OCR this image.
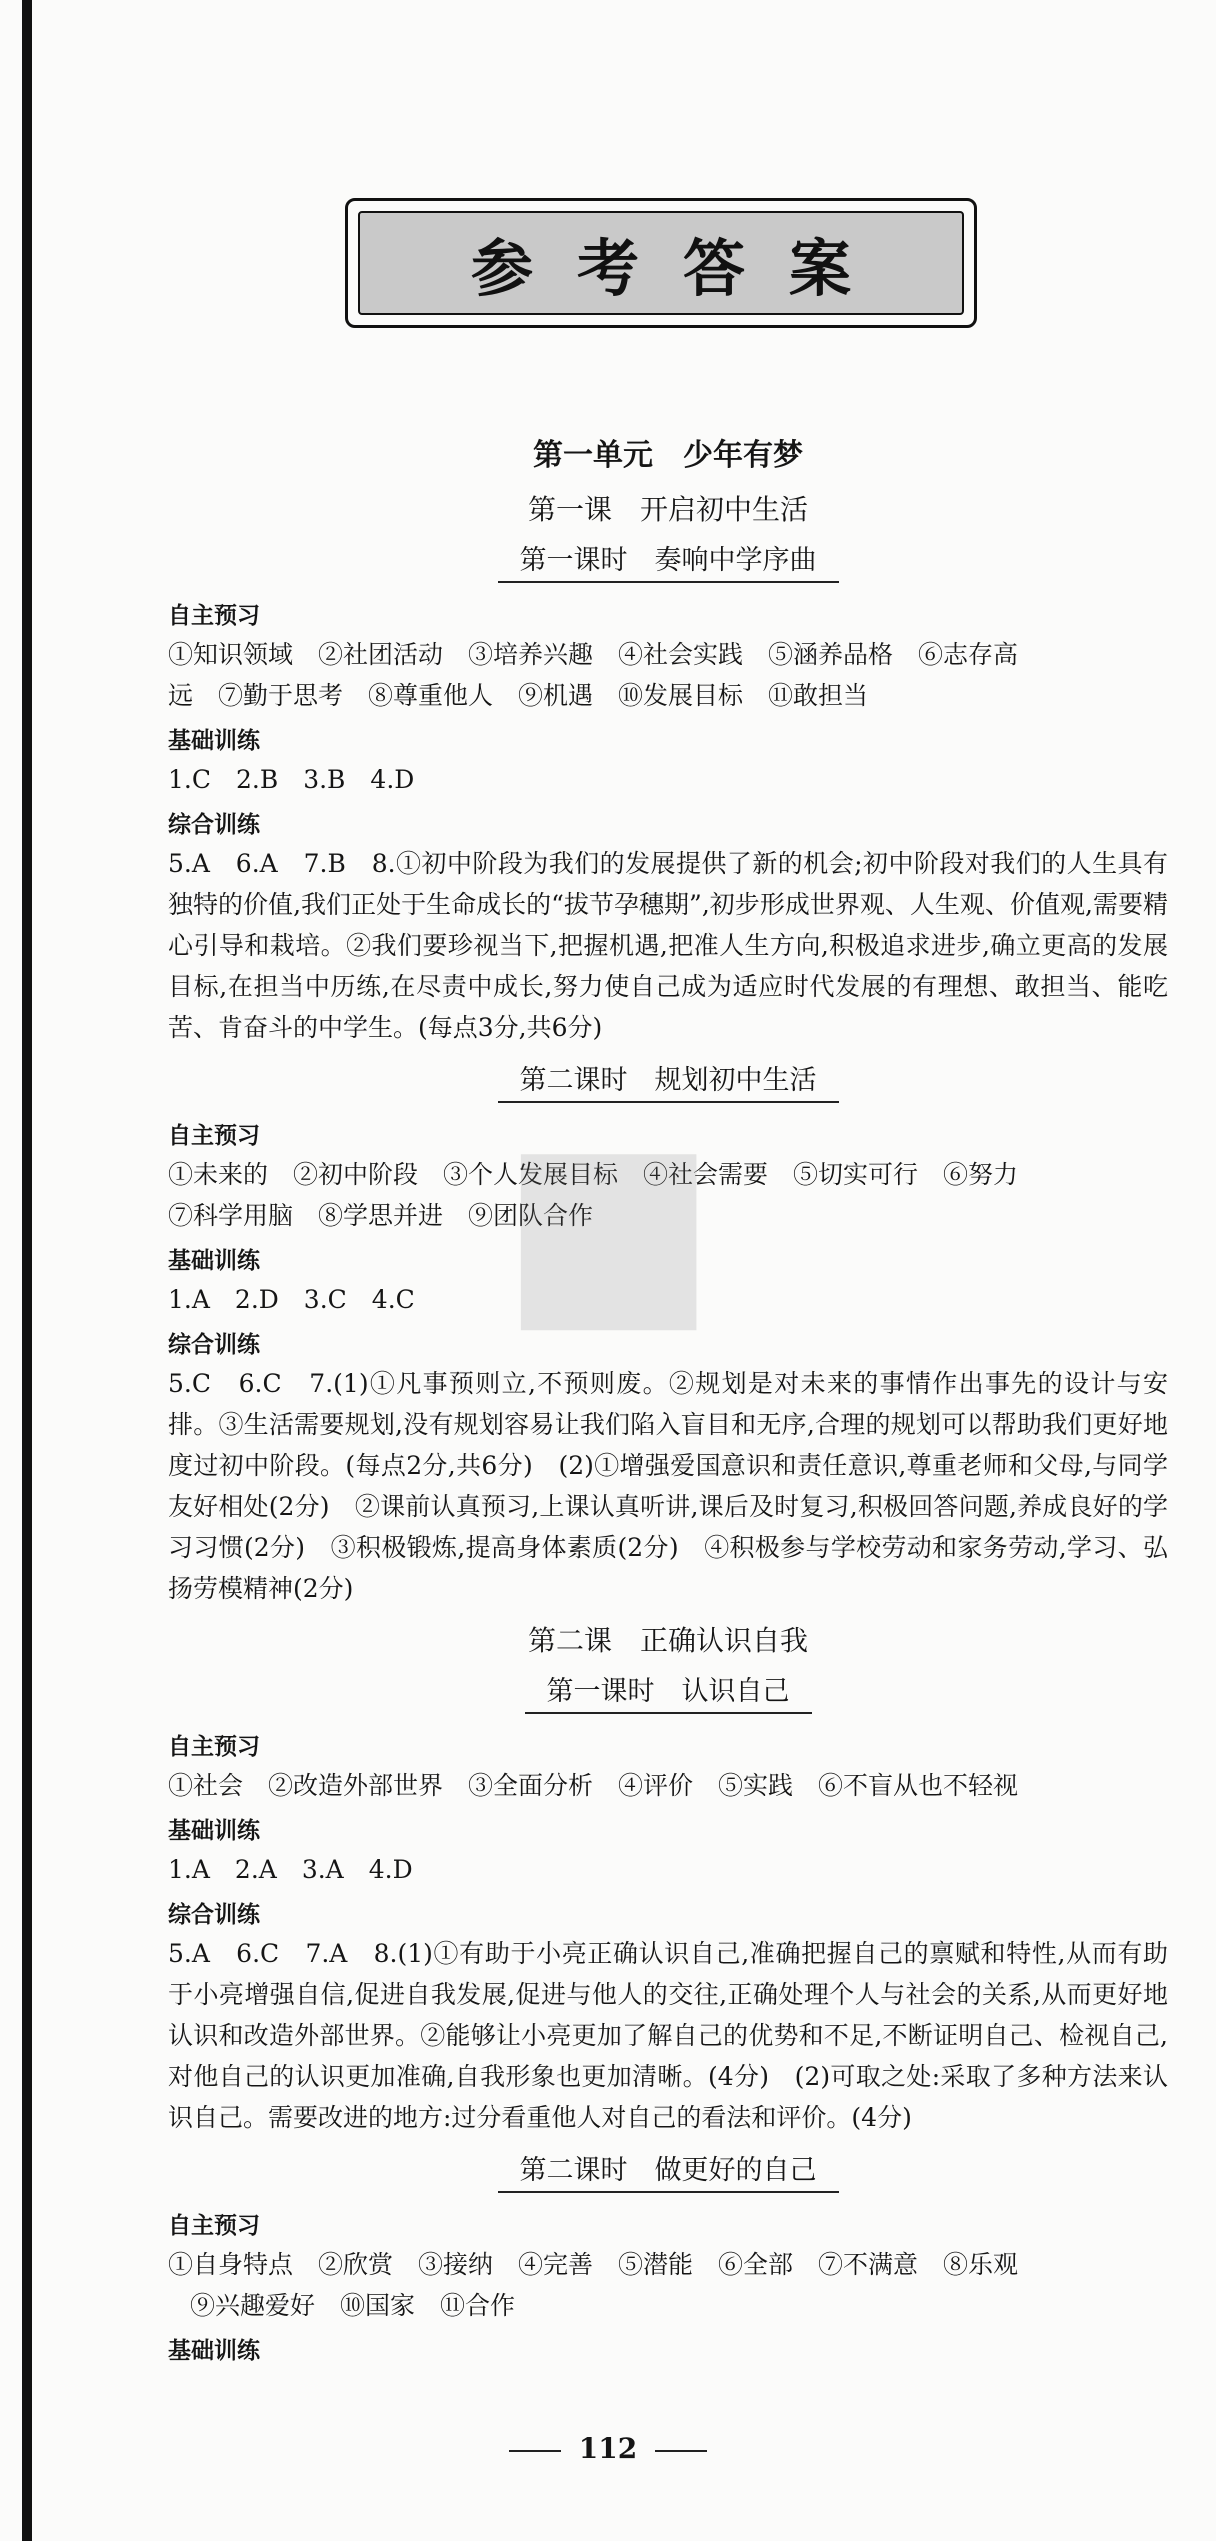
参考答案
第一单元　少年有梦
第一课　开启初中生活
第一课时　奏响中学序曲
自主预习

①知识领域　②社团活动　③培养兴趣　④社会实践　⑤涵养品格　⑥志存高

远　⑦勤于思考　⑧尊重他人　⑨机遇　⑩发展目标　⑪敢担当

基础训练

1.C　2.B　3.B　4.D

综合训练

5.A　6.A　7.B　8.①初中阶段为我们的发展提供了新的机会;初中阶段对我们的人生具有独特的价值,我们正处于生命成长的“拔节孕穗期”,初步形成世界观、人生观、价值观,需要精心引导和栽培。②我们要珍视当下,把握机遇,把准人生方向,积极追求进步,确立更高的发展目标,在担当中历练,在尽责中成长,努力使自己成为适应时代发展的有理想、敢担当、能吃苦、肯奋斗的中学生。(每点3分,共6分)

第二课时　规划初中生活
自主预习

①未来的　②初中阶段　③个人发展目标　④社会需要　⑤切实可行　⑥努力

⑦科学用脑　⑧学思并进　⑨团队合作

基础训练

1.A　2.D　3.C　4.C

综合训练

5.C　6.C　7.(1)①凡事预则立,不预则废。②规划是对未来的事情作出事先的设计与安排。③生活需要规划,没有规划容易让我们陷入盲目和无序,合理的规划可以帮助我们更好地度过初中阶段。(每点2分,共6分)　(2)①增强爱国意识和责任意识,尊重老师和父母,与同学友好相处(2分)　②课前认真预习,上课认真听讲,课后及时复习,积极回答问题,养成良好的学习习惯(2分)　③积极锻炼,提高身体素质(2分)　④积极参与学校劳动和家务劳动,学习、弘扬劳模精神(2分)

第二课　正确认识自我
第一课时　认识自己
自主预习

①社会　②改造外部世界　③全面分析　④评价　⑤实践　⑥不盲从也不轻视

基础训练

1.A　2.A　3.A　4.D

综合训练

5.A　6.C　7.A　8.(1)①有助于小亮正确认识自己,准确把握自己的禀赋和特性,从而有助于小亮增强自信,促进自我发展,促进与他人的交往,正确处理个人与社会的关系,从而更好地认识和改造外部世界。②能够让小亮更加了解自己的优势和不足,不断证明自己、检视自己,对他自己的认识更加准确,自我形象也更加清晰。(4分)　(2)可取之处:采取了多种方法来认识自己。需要改进的地方:过分看重他人对自己的看法和评价。(4分)

第二课时　做更好的自己
自主预习

①自身特点　②欣赏　③接纳　④完善　⑤潜能　⑥全部　⑦不满意　⑧乐观

⑨兴趣爱好　⑩国家　⑪合作

基础训练
■
112
